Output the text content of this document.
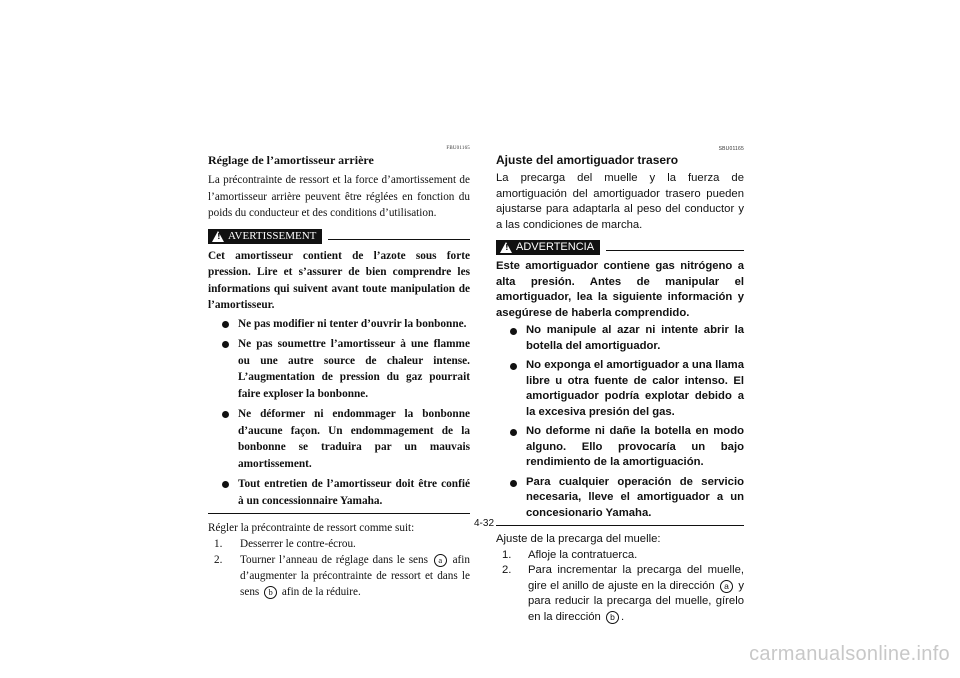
FBU01165
Réglage de l’amortisseur arrière
La précontrainte de ressort et la force d’amortissement de l’amortisseur arrière peuvent être réglées en fonction du poids du conducteur et des conditions d’utilisation.
! AVERTISSEMENT
Cet amortisseur contient de l’azote sous forte pression. Lire et s’assurer de bien comprendre les informations qui suivent avant toute manipulation de l’amortisseur.
Ne pas modifier ni tenter d’ouvrir la bonbonne.
Ne pas soumettre l’amortisseur à une flamme ou une autre source de chaleur intense. L’augmentation de pression du gaz pourrait faire exploser la bonbonne.
Ne déformer ni endommager la bonbonne d’aucune façon. Un endommagement de la bonbonne se traduira par un mauvais amortissement.
Tout entretien de l’amortisseur doit être confié à un concessionnaire Yamaha.
Régler la précontrainte de ressort comme suit:
1.	Desserrer le contre-écrou.
2.	Tourner l’anneau de réglage dans le sens a afin d’augmenter la précontrainte de ressort et dans le sens b afin de la réduire.
SBU01165
Ajuste del amortiguador trasero
La precarga del muelle y la fuerza de amortiguación del amortiguador trasero pueden ajustarse para adaptarla al peso del conductor y a las condiciones de marcha.
! ADVERTENCIA
Este amortiguador contiene gas nitrógeno a alta presión. Antes de manipular el amortiguador, lea la siguiente información y asegúrese de haberla comprendido.
No manipule al azar ni intente abrir la botella del amortiguador.
No exponga el amortiguador a una llama libre u otra fuente de calor intenso. El amortiguador podría explotar debido a la excesiva presión del gas.
No deforme ni dañe la botella en modo alguno. Ello provocaría un bajo rendimiento de la amortiguación.
Para cualquier operación de servicio necesaria, lleve el amortiguador a un concesionario Yamaha.
Ajuste de la precarga del muelle:
1.	Afloje la contratuerca.
2.	Para incrementar la precarga del muelle, gire el anillo de ajuste en la dirección a y para reducir la precarga del muelle, gírelo en la dirección b .
4-32
carmanualsonline.info
